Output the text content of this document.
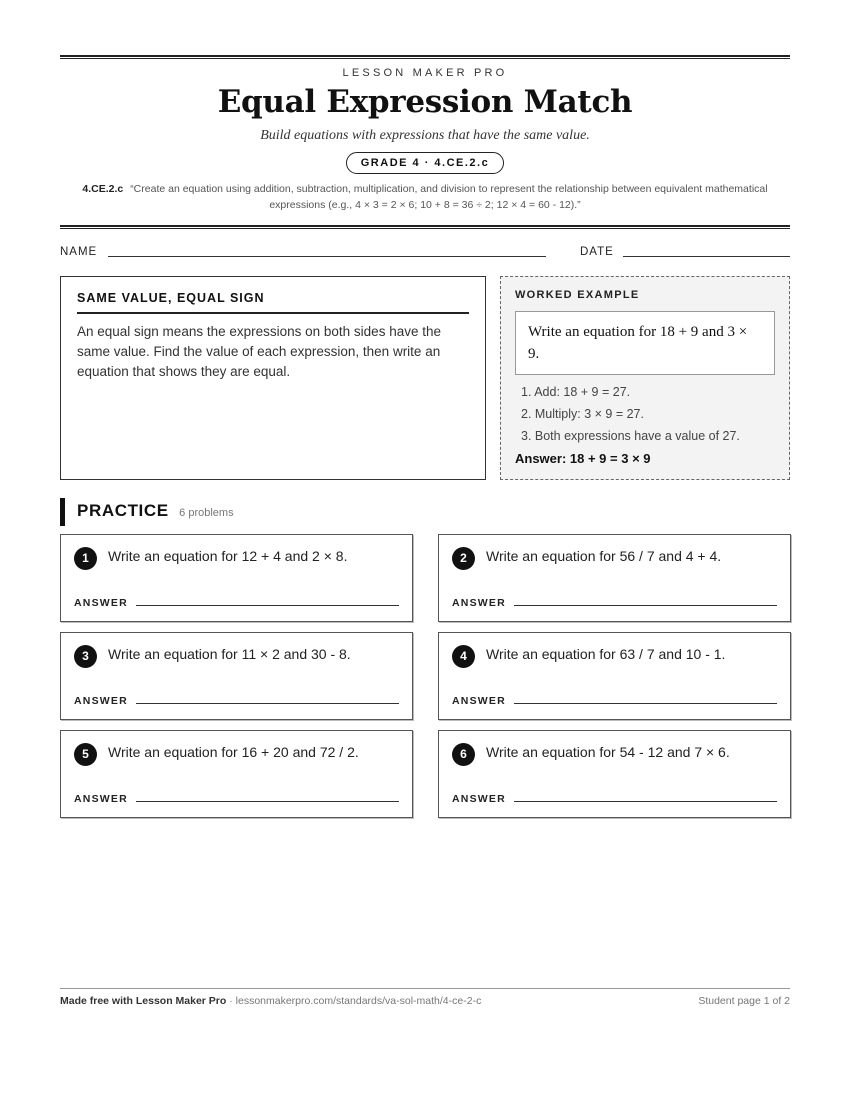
LESSON MAKER PRO
Equal Expression Match
Build equations with expressions that have the same value.
GRADE 4 · 4.CE.2.c
4.CE.2.c “Create an equation using addition, subtraction, multiplication, and division to represent the relationship between equivalent mathematical expressions (e.g., 4 × 3 = 2 × 6; 10 + 8 = 36 ÷ 2; 12 × 4 = 60 - 12).”
NAME	DATE
SAME VALUE, EQUAL SIGN
An equal sign means the expressions on both sides have the same value. Find the value of each expression, then write an equation that shows they are equal.
WORKED EXAMPLE
Write an equation for 18 + 9 and 3 × 9.
1. Add: 18 + 9 = 27.
2. Multiply: 3 × 9 = 27.
3. Both expressions have a value of 27.
Answer: 18 + 9 = 3 × 9
PRACTICE 6 problems
1	Write an equation for 12 + 4 and 2 × 8.
ANSWER
2	Write an equation for 56 / 7 and 4 + 4.
ANSWER
3	Write an equation for 11 × 2 and 30 - 8.
ANSWER
4	Write an equation for 63 / 7 and 10 - 1.
ANSWER
5	Write an equation for 16 + 20 and 72 / 2.
ANSWER
6	Write an equation for 54 - 12 and 7 × 6.
ANSWER
Made free with Lesson Maker Pro · lessonmakerpro.com/standards/va-sol-math/4-ce-2-c	Student page 1 of 2
